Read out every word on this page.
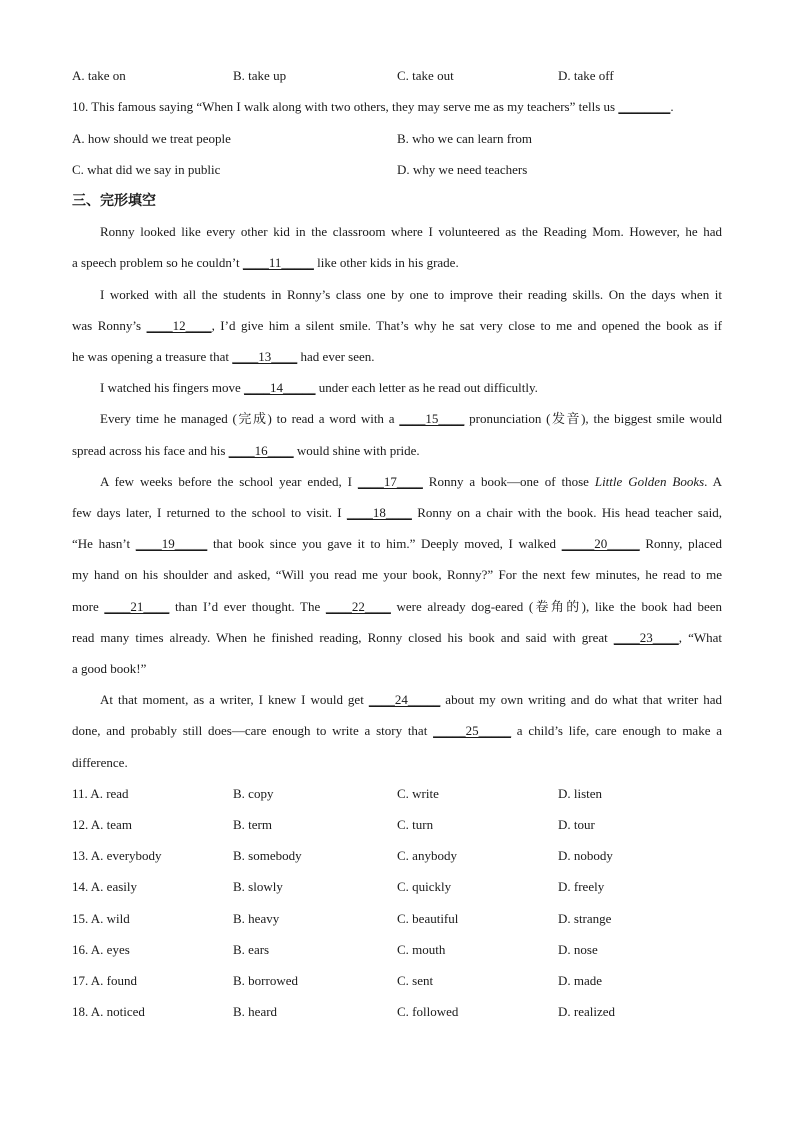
A. take on	B. take up	C. take out	D. take off
10. This famous saying “When I walk along with two others, they may serve me as my teachers” tells us ________.
A. how should we treat people	B. who we can learn from
C. what did we say in public	D. why we need teachers
三、完形填空
Ronny looked like every other kid in the classroom where I volunteered as the Reading Mom. However, he had
a speech problem so he couldn’t ____11_____ like other kids in his grade.
I worked with all the students in Ronny’s class one by one to improve their reading skills. On the days when it
was Ronny’s ____12____, I’d give him a silent smile. That’s why he sat very close to me and opened the book as if
he was opening a treasure that ____13____ had ever seen.
I watched his fingers move ____14_____ under each letter as he read out difficultly.
Every time he managed (完成) to read a word with a ____15____ pronunciation (发音), the biggest smile would
spread across his face and his ____16____ would shine with pride.
A few weeks before the school year ended, I ____17____ Ronny a book—one of those Little Golden Books. A
few days later, I returned to the school to visit. I ____18____ Ronny on a chair with the book. His head teacher said,
“He hasn’t ____19_____ that book since you gave it to him.” Deeply moved, I walked _____20_____ Ronny, placed
my hand on his shoulder and asked, “Will you read me your book, Ronny?” For the next few minutes, he read to me
more ____21____ than I’d ever thought. The ____22____ were already dog-eared (卷角的), like the book had been
read many times already. When he finished reading, Ronny closed his book and said with great ____23____, “What
a good book!”
At that moment, as a writer, I knew I would get ____24_____ about my own writing and do what that writer had
done, and probably still does—care enough to write a story that _____25_____ a child’s life, care enough to make a
difference.
11. A. read	B. copy	C. write	D. listen
12. A. team	B. term	C. turn	D. tour
13. A. everybody	B. somebody	C. anybody	D. nobody
14. A. easily	B. slowly	C. quickly	D. freely
15. A. wild	B. heavy	C. beautiful	D. strange
16. A. eyes	B. ears	C. mouth	D. nose
17. A. found	B. borrowed	C. sent	D. made
18. A. noticed	B. heard	C. followed	D. realized
